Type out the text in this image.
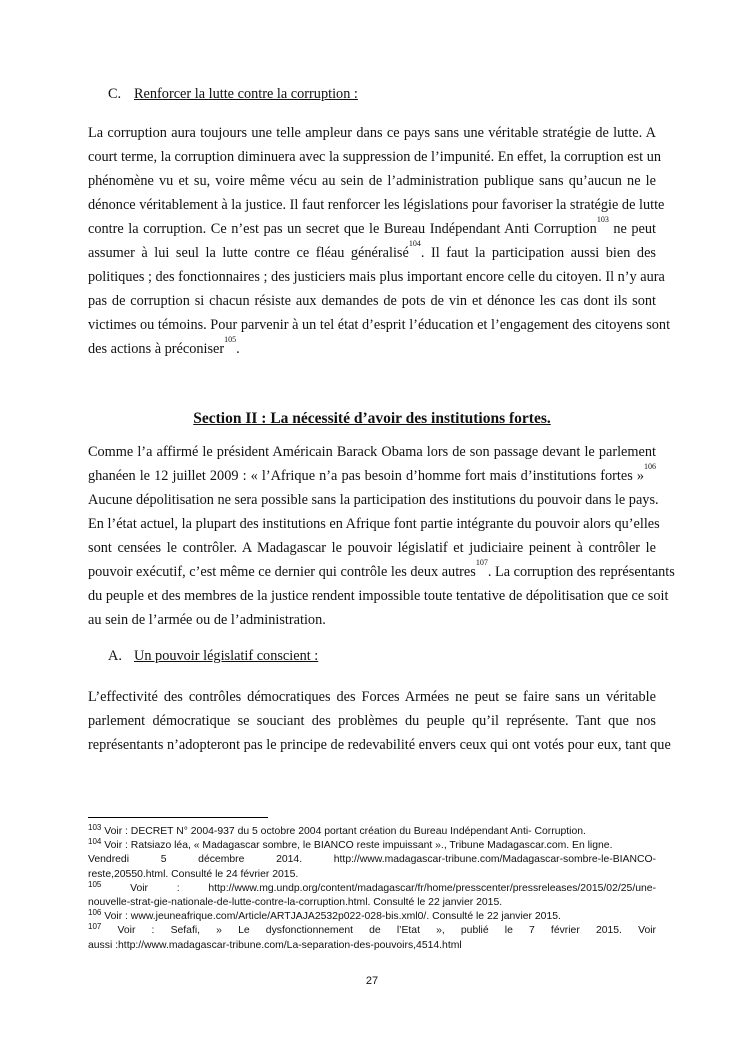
C. Renforcer la lutte contre la corruption :
La corruption aura toujours une telle ampleur dans ce pays sans une véritable stratégie de lutte. A
court terme, la corruption diminuera avec la suppression de l’impunité. En effet, la corruption est un
phénomène vu et su, voire même vécu au sein de l’administration publique sans qu’aucun ne le
dénonce véritablement à la justice. Il faut renforcer les législations pour favoriser la stratégie de lutte
contre la corruption. Ce n’est pas un secret que le Bureau Indépendant Anti Corruption$^{103}$ ne peut
assumer à lui seul la lutte contre ce fléau généralisé$^{104}$. Il faut la participation aussi bien des
politiques ; des fonctionnaires ; des justiciers mais plus important encore celle du citoyen. Il n’y aura
pas de corruption si chacun résiste aux demandes de pots de vin et dénonce les cas dont ils sont
victimes ou témoins. Pour parvenir à un tel état d’esprit l’éducation et l’engagement des citoyens sont
des actions à préconiser$^{105}$.
Section II : La nécessité d’avoir des institutions fortes.
Comme l’a affirmé le président Américain Barack Obama lors de son passage devant le parlement
ghanéen le 12 juillet 2009 : « l’Afrique n’a pas besoin d’homme fort mais d’institutions fortes »$^{106}$
Aucune dépolitisation ne sera possible sans la participation des institutions du pouvoir dans le pays.
En l’état actuel, la plupart des institutions en Afrique font partie intégrante du pouvoir alors qu’elles
sont censées le contrôler. A Madagascar le pouvoir législatif et judiciaire peinent à contrôler le
pouvoir exécutif, c’est même ce dernier qui contrôle les deux autres$^{107}$. La corruption des représentants
du peuple et des membres de la justice rendent impossible toute tentative de dépolitisation que ce soit
au sein de l’armée ou de l’administration.
A. Un pouvoir législatif conscient :
L’effectivité des contrôles démocratiques des Forces Armées ne peut se faire sans un véritable
parlement démocratique se souciant des problèmes du peuple qu’il représente. Tant que nos
représentants n’adopteront pas le principe de redevabilité envers ceux qui ont votés pour eux, tant que
$^{103}$ Voir : DECRET N° 2004-937 du 5 octobre 2004 portant création du Bureau Indépendant Anti- Corruption.
$^{104}$ Voir : Ratsiazo léa, « Madagascar sombre, le BIANCO reste impuissant »., Tribune Madagascar.com. En ligne.
Vendredi 5 décembre 2014. http://www.madagascar-tribune.com/Madagascar-sombre-le-BIANCO-
reste,20550.html. Consulté le 24 février 2015.
$^{105}$ Voir : http://www.mg.undp.org/content/madagascar/fr/home/presscenter/pressreleases/2015/02/25/une-
nouvelle-strat-gie-nationale-de-lutte-contre-la-corruption.html. Consulté le 22 janvier 2015.
$^{106}$ Voir : www.jeuneafrique.com/Article/ARTJAJA2532p022-028-bis.xml0/. Consulté le 22 janvier 2015.
$^{107}$ Voir : Sefafi, » Le dysfonctionnement de l’Etat », publié le 7 février 2015. Voir
aussi :http://www.madagascar-tribune.com/La-separation-des-pouvoirs,4514.html
27
